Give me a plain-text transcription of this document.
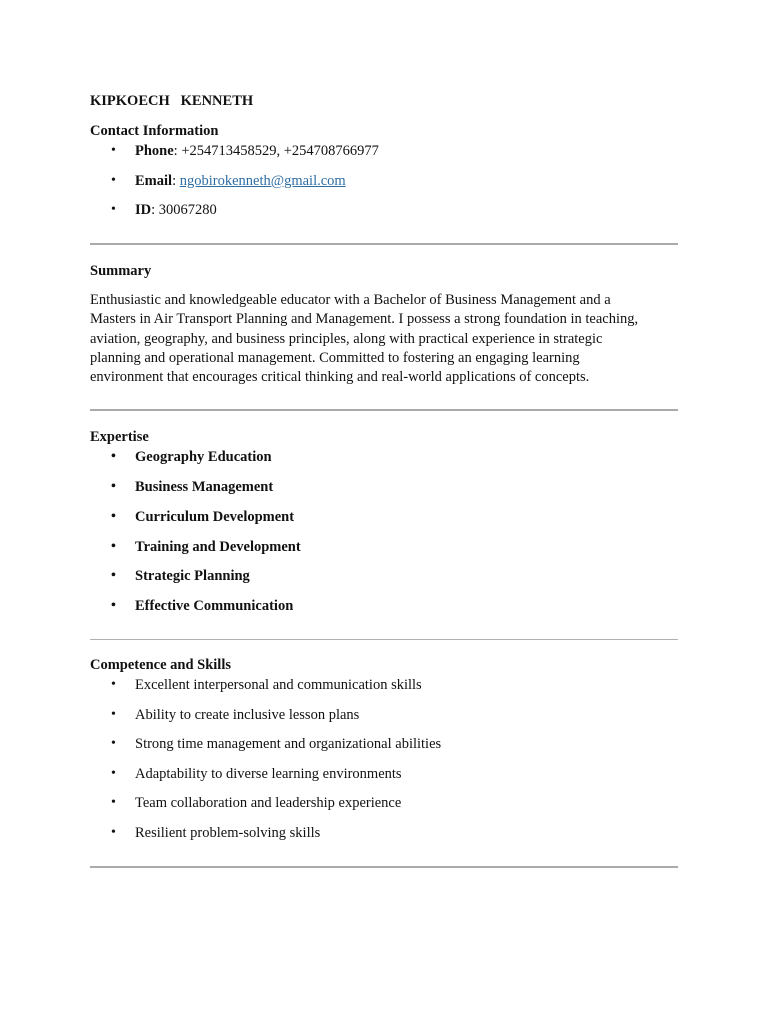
KIPKOECH   KENNETH
Contact Information
• Phone: +254713458529, +254708766977
• Email: ngobirokenneth@gmail.com
• ID: 30067280
Summary
Enthusiastic and knowledgeable educator with a Bachelor of Business Management and a
Masters in Air Transport Planning and Management. I possess a strong foundation in teaching,
aviation, geography, and business principles, along with practical experience in strategic
planning and operational management. Committed to fostering an engaging learning
environment that encourages critical thinking and real-world applications of concepts.
Expertise
• Geography Education
• Business Management
• Curriculum Development
• Training and Development
• Strategic Planning
• Effective Communication
Competence and Skills
• Excellent interpersonal and communication skills
• Ability to create inclusive lesson plans
• Strong time management and organizational abilities
• Adaptability to diverse learning environments
• Team collaboration and leadership experience
• Resilient problem-solving skills
